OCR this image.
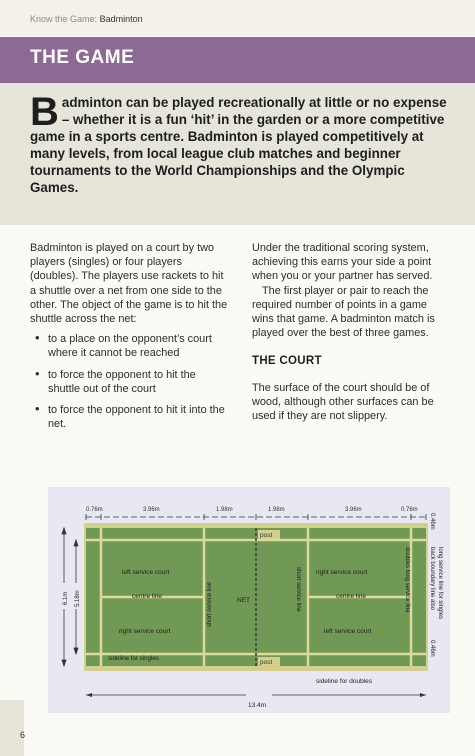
Know the Game: Badminton
THE GAME
Badminton can be played recreationally at little or no expense – whether it is a fun ‘hit’ in the garden or a more competitive game in a sports centre. Badminton is played competitively at many levels, from local league club matches and beginner tournaments to the World Championships and the Olympic Games.

Badminton is played on a court by two players (singles) or four players (doubles). The players use rackets to hit a shuttle over a net from one side to the other. The object of the game is to hit the shuttle across the net:

• to a place on the opponent’s court where it cannot be reached
• to force the opponent to hit the shuttle out of the court
• to force the opponent to hit it into the net.

Under the traditional scoring system, achieving this earns your side a point when you or your partner has served.

The first player or pair to reach the required number of points in a game wins that game. A badminton match is played over the best of three games.

THE COURT

The surface of the court should be of wood, although other surfaces can be used if they are not slippery.

post
post
NET
left service court
centre line
right service court
sideline for singles
right service court
centre line
left service court
short service line	short service line	doubles long service line
0.76m	3.96m	1.98m	1.98m	3.96m	0.76m
6.1m 5.18m
sideline for doubles
13.4m
0.46m
0.46m
back boundary line also long service line for singles
6
